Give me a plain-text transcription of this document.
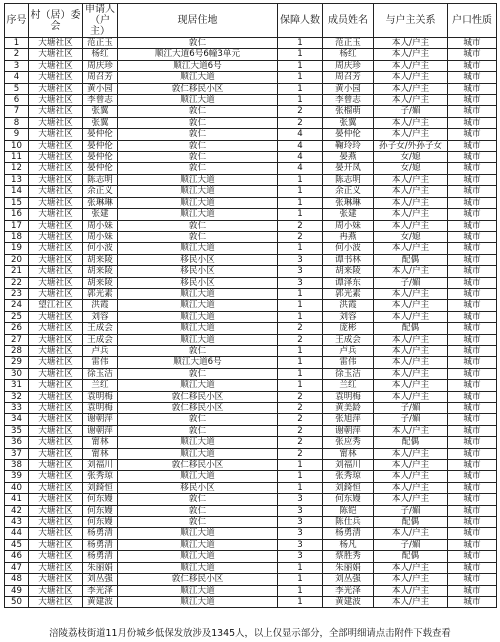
序号	村（居）委会	申请人（户主）	现居住地	保障人数	成员姓名	与户主关系	户口性质
1	大塘社区	范正玉	敦仁	1	范正玉	本人/户主	城市
2	大塘社区	杨红	顺江大道6号6幢3单元	1	杨红	本人/户主	城市
3	大塘社区	周庆珍	顺江大道6号	1	周庆珍	本人/户主	城市
4	大塘社区	周召芳	顺江大道	1	周召芳	本人/户主	城市
5	大塘社区	黄小园	敦仁移民小区	1	黄小园	本人/户主	城市
6	大塘社区	李曾志	顺江大道	1	李曾志	本人/户主	城市
7	大塘社区	张翼	敦仁	2	张榴萌	子/媚	城市
8	大塘社区	张翼	敦仁	2	张翼	本人/户主	城市
9	大塘社区	晏仲伦	敦仁	4	晏仲伦	本人/户主	城市
10	大塘社区	晏仲伦	敦仁	4	鞠玲玲	孙子女/外孙子女	城市
11	大塘社区	晏仲伦	敦仁	4	晏燕	女/媳	城市
12	大塘社区	晏仲伦	敦仁	4	晏开凤	女/媳	城市
13	大塘社区	陈志明	顺江大道	1	陈志明	本人/户主	城市
14	大塘社区	余正义	顺江大道	1	余正义	本人/户主	城市
15	大塘社区	张琳琳	顺江大道	1	张琳琳	本人/户主	城市
16	大塘社区	张建	顺江大道	1	张建	本人/户主	城市
17	大塘社区	周小妹	敦仁	2	周小妹	本人/户主	城市
18	大塘社区	周小妹	敦仁	2	冉燕	女/媳	城市
19	大塘社区	何小波	顺江大道	1	何小波	本人/户主	城市
20	大塘社区	胡来陵	移民小区	3	谭书林	配偶	城市
21	大塘社区	胡来陵	移民小区	3	胡来陵	本人/户主	城市
22	大塘社区	胡来陵	移民小区	3	谭泽东	子/媚	城市
23	大塘社区	郭光素	顺江大道	1	郭光素	本人/户主	城市
24	望江社区	洪霞	顺江大道	1	洪霞	本人/户主	城市
25	大塘社区	刘容	顺江大道	1	刘容	本人/户主	城市
26	大塘社区	王成会	顺江大道	2	庞彬	配偶	城市
27	大塘社区	王成会	顺江大道	2	王成会	本人/户主	城市
28	大塘社区	卢兵	敦仁	1	卢兵	本人/户主	城市
29	大塘社区	雷伟	顺江大道6号	1	雷伟	本人/户主	城市
30	大塘社区	徐玉洁	敦仁	1	徐玉洁	本人/户主	城市
31	大塘社区	兰红	顺江大道	1	兰红	本人/户主	城市
32	大塘社区	袁明梅	敦仁移民小区	2	袁明梅	本人/户主	城市
33	大塘社区	袁明梅	敦仁移民小区	2	黄美龄	子/媚	城市
34	大塘社区	谢朝萍	敦仁	2	张旭萍	子/媚	城市
35	大塘社区	谢朝萍	敦仁	2	谢朝萍	本人/户主	城市
36	大塘社区	甯林	顺江大道	2	张应秀	配偶	城市
37	大塘社区	甯林	顺江大道	2	甯林	本人/户主	城市
38	大塘社区	刘福川	敦仁移民小区	1	刘福川	本人/户主	城市
39	大塘社区	张秀琼	顺江大道	1	张秀琼	本人/户主	城市
40	大塘社区	刘錡恒	移民小区	1	刘錡恒	本人/户主	城市
41	大塘社区	何东嫚	敦仁	3	何东嫚	本人/户主	城市
42	大塘社区	何东嫚	敦仁	3	陈铠	子/媚	城市
43	大塘社区	何东嫚	敦仁	3	陈仕兵	配偶	城市
44	大塘社区	杨勇清	顺江大道	3	杨勇清	本人/户主	城市
45	大塘社区	杨勇清	顺江大道	3	杨凡	子/媚	城市
46	大塘社区	杨勇清	顺江大道	3	蔡胜秀	配偶	城市
47	大塘社区	朱丽娟	顺江大道	1	朱丽娟	本人/户主	城市
48	大塘社区	刘丛强	敦仁移民小区	1	刘丛强	本人/户主	城市
49	大塘社区	李光泽	顺江大道	1	李光泽	本人/户主	城市
50	大塘社区	黄建波	顺江大道	1	黄建波	本人/户主	城市
涪陵荔枝街道11月份城乡低保发放涉及1345人，以上仅显示部分，全部明细请点击附件下载查看
